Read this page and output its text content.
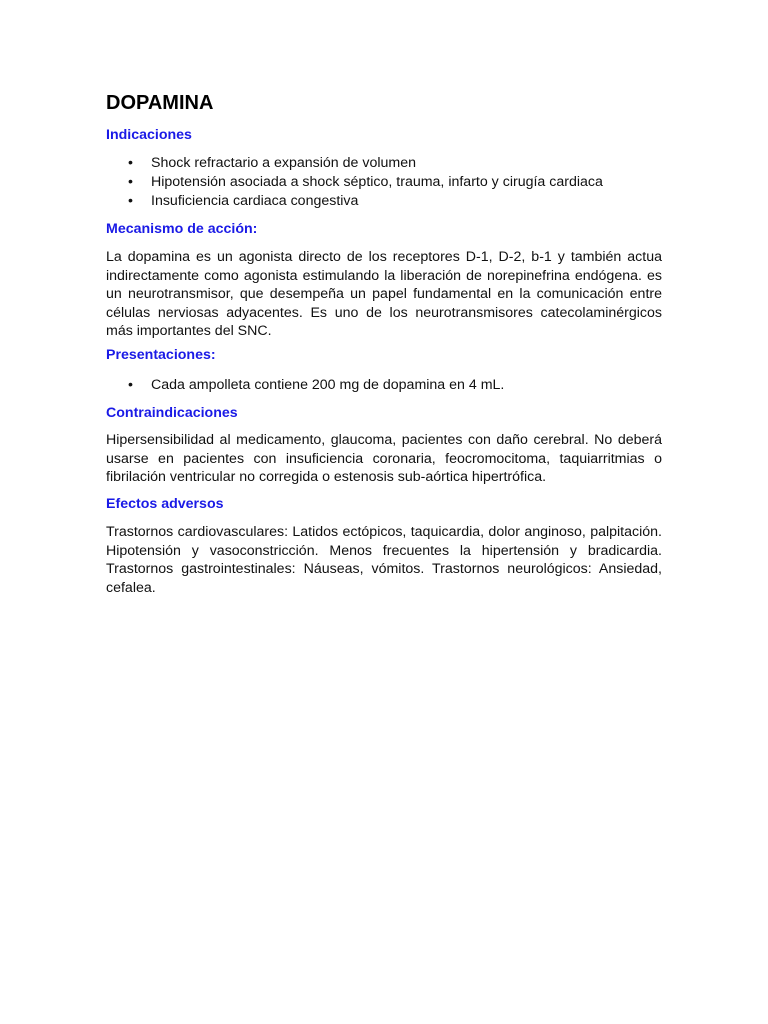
DOPAMINA
Indicaciones
• Shock refractario a expansión de volumen
• Hipotensión asociada a shock séptico, trauma, infarto y cirugía cardiaca
• Insuficiencia cardiaca congestiva
Mecanismo de acción:

La dopamina es un agonista directo de los receptores D-1, D-2, b-1 y también actua indirectamente como agonista estimulando la liberación de norepinefrina endógena. es un neurotransmisor, que desempeña un papel fundamental en la comunicación entre células nerviosas adyacentes. Es uno de los neurotransmisores catecolaminérgicos más importantes del SNC.

Presentaciones:
• Cada ampolleta contiene 200 mg de dopamina en 4 mL.
Contraindicaciones

Hipersensibilidad al medicamento, glaucoma, pacientes con daño cerebral. No deberá usarse en pacientes con insuficiencia coronaria, feocromocitoma, taquiarritmias o fibrilación ventricular no corregida o estenosis sub-aórtica hipertrófica.

Efectos adversos

Trastornos cardiovasculares: Latidos ectópicos, taquicardia, dolor anginoso, palpitación. Hipotensión y vasoconstricción. Menos frecuentes la hipertensión y bradicardia. Trastornos gastrointestinales: Náuseas, vómitos. Trastornos neurológicos: Ansiedad, cefalea.
